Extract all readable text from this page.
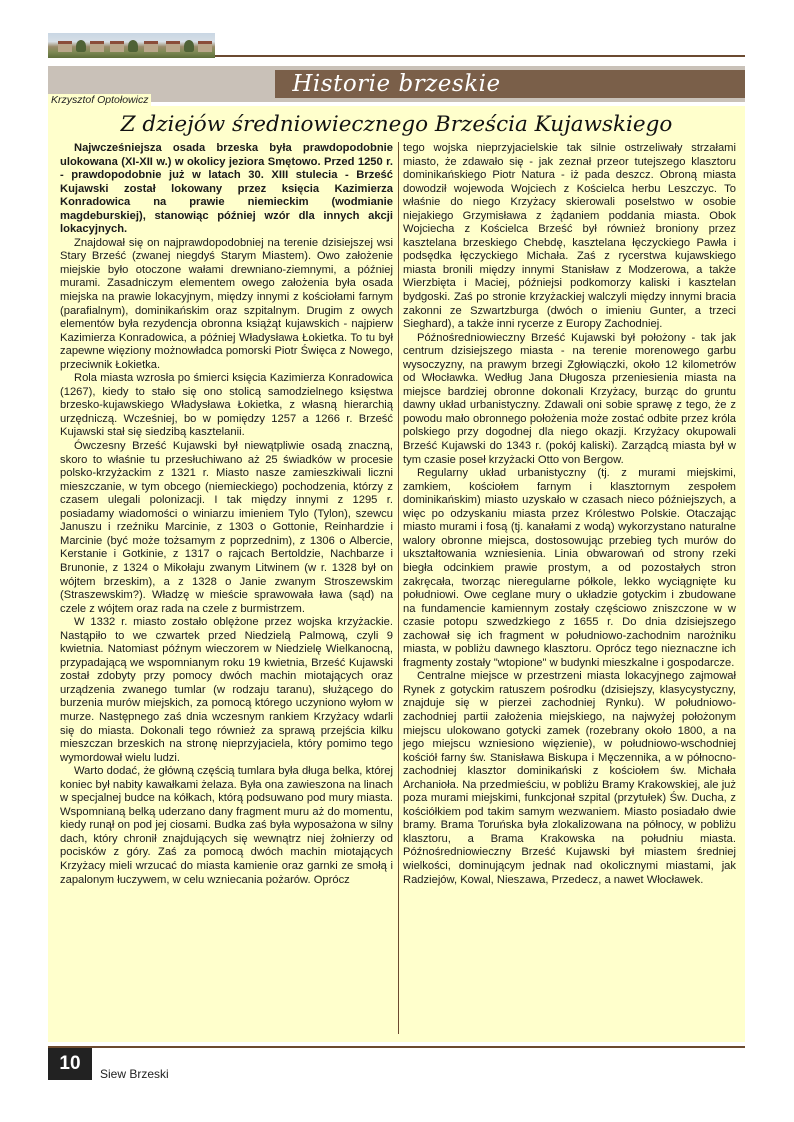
Historie brzeskie
Krzysztof Optołowicz
Z dziejów średniowiecznego Brześcia Kujawskiego

Najwcześniejsza osada brzeska była prawdopodobnie ulokowana (XI-XII w.) w okolicy jeziora Smętowo. Przed 1250 r. - prawdopodobnie już w latach 30. XIII stulecia - Brześć Kujawski został lokowany przez księcia Kazimierza Konradowica na prawie niemieckim (wodmianie magdeburskiej), stanowiąc później wzór dla innych akcji lokacyjnych.

Znajdował się on najprawdopodobniej na terenie dzisiejszej wsi Stary Brześć (zwanej niegdyś Starym Miastem). Owo założenie miejskie było otoczone wałami drewniano-ziemnymi, a później murami. Zasadniczym elementem owego założenia była osada miejska na prawie lokacyjnym, między innymi z kościołami farnym (parafialnym), dominikańskim oraz szpitalnym. Drugim z owych elementów była rezydencja obronna książąt kujawskich - najpierw Kazimierza Konradowica, a później Władysława Łokietka. To tu był zapewne więziony możnowładca pomorski Piotr Święca z Nowego, przeciwnik Łokietka.

Rola miasta wzrosła po śmierci księcia Kazimierza Konradowica (1267), kiedy to stało się ono stolicą samodzielnego księstwa brzesko-kujawskiego Władysława Łokietka, z własną hierarchią urzędniczą. Wcześniej, bo w pomiędzy 1257 a 1266 r. Brześć Kujawski stał się siedzibą kasztelanii.

Ówczesny Brześć Kujawski był niewątpliwie osadą znaczną, skoro to właśnie tu przesłuchiwano aż 25 świadków w procesie polsko-krzyżackim z 1321 r. Miasto nasze zamieszkiwali liczni mieszczanie, w tym obcego (niemieckiego) pochodzenia, którzy z czasem ulegali polonizacji. I tak między innymi z 1295 r. posiadamy wiadomości o winiarzu imieniem Tylo (Tylon), szewcu Januszu i rzeźniku Marcinie, z 1303 o Gottonie, Reinhardzie i Marcinie (być może tożsamym z poprzednim), z 1306 o Albercie, Kerstanie i Gotkinie, z 1317 o rajcach Bertoldzie, Nachbarze i Brunonie, z 1324 o Mikołaju zwanym Litwinem (w r. 1328 był on wójtem brzeskim), a z 1328 o Janie zwanym Stroszewskim (Straszewskim?). Władzę w mieście sprawowała ława (sąd) na czele z wójtem oraz rada na czele z burmistrzem.

W 1332 r. miasto zostało oblężone przez wojska krzyżackie. Nastąpiło to we czwartek przed Niedzielą Palmową, czyli 9 kwietnia. Natomiast późnym wieczorem w Niedzielę Wielkanocną, przypadającą we wspomnianym roku 19 kwietnia, Brześć Kujawski został zdobyty przy pomocy dwóch machin miotających oraz urządzenia zwanego tumlar (w rodzaju taranu), służącego do burzenia murów miejskich, za pomocą którego uczyniono wyłom w murze. Następnego zaś dnia wczesnym rankiem Krzyżacy wdarli się do miasta. Dokonali tego również za sprawą przejścia kilku mieszczan brzeskich na stronę nieprzyjaciela, który pomimo tego wymordował wielu ludzi.

Warto dodać, że główną częścią tumlara była długa belka, której koniec był nabity kawałkami żelaza. Była ona zawieszona na linach w specjalnej budce na kółkach, którą podsuwano pod mury miasta. Wspomnianą belką uderzano dany fragment muru aż do momentu, kiedy runął on pod jej ciosami. Budka zaś była wyposażona w silny dach, który chronił znajdujących się wewnątrz niej żołnierzy od pocisków z góry. Zaś za pomocą dwóch machin miotających Krzyżacy mieli wrzucać do miasta kamienie oraz garnki ze smołą i zapalonym łuczywem, w celu wzniecania pożarów. Oprócz

tego wojska nieprzyjacielskie tak silnie ostrzeliwały strzałami miasto, że zdawało się - jak zeznał przeor tutejszego klasztoru dominikańskiego Piotr Natura - iż pada deszcz. Obroną miasta dowodził wojewoda Wojciech z Kościelca herbu Leszczyc. To właśnie do niego Krzyżacy skierowali poselstwo w osobie niejakiego Grzymisława z żądaniem poddania miasta. Obok Wojciecha z Kościelca Brześć był również broniony przez kasztelana brzeskiego Chebdę, kasztelana łęczyckiego Pawła i podsędka łęczyckiego Michała. Zaś z rycerstwa kujawskiego miasta bronili między innymi Stanisław z Modzerowa, a także Wierzbięta i Maciej, późniejsi podkomorzy kaliski i kasztelan bydgoski. Zaś po stronie krzyżackiej walczyli między innymi bracia zakonni ze Szwartzburga (dwóch o imieniu Gunter, a trzeci Sieghard), a także inni rycerze z Europy Zachodniej.

Późnośredniowieczny Brześć Kujawski był położony - tak jak centrum dzisiejszego miasta - na terenie morenowego garbu wysoczyzny, na prawym brzegi Zgłowiączki, około 12 kilometrów od Włocławka. Według Jana Długosza przeniesienia miasta na miejsce bardziej obronne dokonali Krzyżacy, burząc do gruntu dawny układ urbanistyczny. Zdawali oni sobie sprawę z tego, że z powodu mało obronnego położenia może zostać odbite przez króla polskiego przy dogodnej dla niego okazji. Krzyżacy okupowali Brześć Kujawski do 1343 r. (pokój kaliski). Zarządcą miasta był w tym czasie poseł krzyżacki Otto von Bergow.

Regularny układ urbanistyczny (tj. z murami miejskimi, zamkiem, kościołem farnym i klasztornym zespołem dominikańskim) miasto uzyskało w czasach nieco późniejszych, a więc po odzyskaniu miasta przez Królestwo Polskie. Otaczając miasto murami i fosą (tj. kanałami z wodą) wykorzystano naturalne walory obronne miejsca, dostosowując przebieg tych murów do ukształtowania wzniesienia. Linia obwarowań od strony rzeki biegła odcinkiem prawie prostym, a od pozostałych stron zakręcała, tworząc nieregularne półkole, lekko wyciągnięte ku południowi. Owe ceglane mury o układzie gotyckim i zbudowane na fundamencie kamiennym zostały częściowo zniszczone w w czasie potopu szwedzkiego z 1655 r. Do dnia dzisiejszego zachował się ich fragment w południowo-zachodnim narożniku miasta, w pobliżu dawnego klasztoru. Oprócz tego nieznaczne ich fragmenty zostały "wtopione" w budynki mieszkalne i gospodarcze.

Centralne miejsce w przestrzeni miasta lokacyjnego zajmował Rynek z gotyckim ratuszem pośrodku (dzisiejszy, klasycystyczny, znajduje się w pierzei zachodniej Rynku). W południowo-zachodniej partii założenia miejskiego, na najwyżej położonym miejscu ulokowano gotycki zamek (rozebrany około 1800, a na jego miejscu wzniesiono więzienie), w południowo-wschodniej kościół farny św. Stanisława Biskupa i Męczennika, a w północno-zachodniej klasztor dominikański z kościołem św. Michała Archanioła. Na przedmieściu, w pobliżu Bramy Krakowskiej, ale już poza murami miejskimi, funkcjonał szpital (przytułek) Św. Ducha, z kościółkiem pod takim samym wezwaniem. Miasto posiadało dwie bramy. Brama Toruńska była zlokalizowana na północy, w pobliżu klasztoru, a Brama Krakowska na południu miasta. Późnośredniowieczny Brześć Kujawski był miastem średniej wielkości, dominującym jednak nad okolicznymi miastami, jak Radziejów, Kowal, Nieszawa, Przedecz, a nawet Włocławek.

10	Siew Brzeski
